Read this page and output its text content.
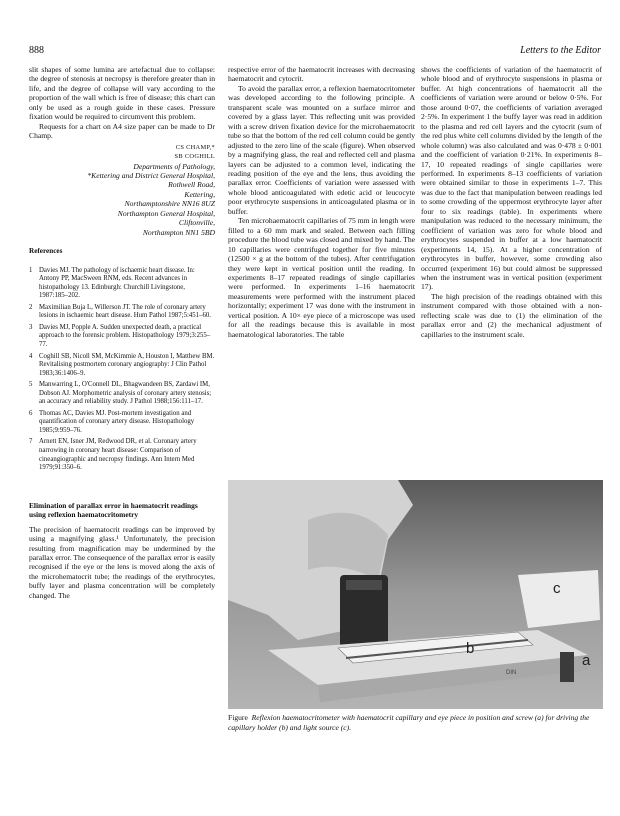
888	Letters to the Editor

slit shapes of some lumina are artefactual due to collapse: the degree of stenosis at necropsy is therefore greater than in life, and the degree of collapse will vary according to the proportion of the wall which is free of disease; this chart can only be used as a rough guide in these cases. Pressure fixation would be required to circumvent this problem.

Requests for a chart on A4 size paper can be made to Dr Champ.

CS CHAMP,*
SB COGHILL
Departments of Pathology,
*Kettering and District General Hospital,
Rothwell Road,
Kettering,
Northamptonshire NN16 8UZ
Northampton General Hospital,
Cliftonville,
Northampton NN1 5BD
References
1 Davies MJ. The pathology of ischaemic heart disease. In: Antony PP, MacSween RNM, eds. Recent advances in histopathology 13. Edinburgh: Churchill Livingstone, 1987:185–202.
2 Maximilian Buja L, Willerson JT. The role of coronary artery lesions in ischaemic heart disease. Hum Pathol 1987;5:451–60.
3 Davies MJ, Popple A. Sudden unexpected death, a practical approach to the forensic problem. Histopathology 1979;3:255–77.
4 Coghill SB, Nicoll SM, McKimmie A, Houston I, Matthew BM. Revitalising postmortem coronary angiography: J Clin Pathol 1983;36:1406–9.
5 Manwarring L, O'Connell DL, Bhagwandeen BS, Zardawi IM, Dobson AJ. Morphometric analysis of coronary artery stenosis; an accuracy and reliability study. J Pathol 1988;156:111–17.
6 Thomas AC, Davies MJ. Post-mortem investigation and quantification of coronary artery disease. Histopathology 1985;9:959–76.
7 Arnett EN, Isner JM, Redwood DR, et al. Coronary artery narrowing in coronary heart disease: Comparison of cineangiographic and necropsy findings. Ann Intern Med 1979;91:350–6.
Elimination of parallax error in haematocrit readings using reflexion haematocritometry

The precision of haematocrit readings can be improved by using a magnifying glass.¹ Unfortunately, the precision resulting from magnification may be undermined by the parallax error. The consequence of the parallax error is easily recognised if the eye or the lens is moved along the axis of the microhematocrit tube; the readings of the erythrocytes, buffy layer and plasma concentration will be completely changed. The

respective error of the haematocrit increases with decreasing haematocrit and cytocrit.

To avoid the parallax error, a reflexion haematocritometer was developed according to the following principle. A transparent scale was mounted on a surface mirror and covered by a glass layer. This reflecting unit was provided with a screw driven fixation device for the microhaematocrit tube so that the bottom of the red cell column could be gently adjusted to the zero line of the scale (figure). When observed by a magnifying glass, the real and reflected cell and plasma layers can be adjusted to a common level, indicating the reading position of the eye and the lens, thus avoiding the parallax error. Coefficients of variation were assessed with whole blood anticoagulated with edetic acid or leucocyte poor erythrocyte suspensions in anticoagulated plasma or in buffer.

Ten microhaematocrit capillaries of 75 mm in length were filled to a 60 mm mark and sealed. Between each filling procedure the blood tube was closed and mixed by hand. The 10 capillaries were centrifuged together for five minutes (12500 × g at the bottom of the tubes). After centrifugation they were kept in vertical position until the reading. In experiments 8–17 repeated readings of single capillaries were performed. In experiments 1–16 haematocrit measurements were performed with the instrument placed horizontally; experiment 17 was done with the instrument in vertical position. A 10× eye piece of a microscope was used for all the readings because this is available in most haematological laboratories. The table

shows the coefficients of variation of the haematocrit of whole blood and of erythrocyte suspensions in plasma or buffer. At high concentrations of haematocrit all the coefficients of variation were around or below 0·5%. For those around 0·07, the coefficients of variation averaged 2·5%. In experiment 1 the buffy layer was read in addition to the plasma and red cell layers and the cytocrit (sum of the red plus white cell columns divided by the length of the whole column) was also calculated and was 0·478 ± 0·001 and the coefficient of variation 0·21%. In experiments 8–17, 10 repeated readings of single capillaries were performed. In experiments 8–13 coefficients of variation were obtained similar to those in experiments 1–7. This was due to the fact that manipulation between readings led to some crowding of the uppermost erythrocyte layer after four to six readings (table). In experiments where manipulation was reduced to the necessary minimum, the coefficient of variation was zero for whole blood and erythrocytes suspended in buffer at a low haematocrit (experiments 14, 15). At a higher concentration of erythrocytes in buffer, however, some crowding also occurred (experiment 16) but could almost be suppressed when the instrument was in vertical position (experiment 17).

The high precision of the readings obtained with this instrument compared with those obtained with a non-reflecting scale was due to (1) the elimination of the parallax error and (2) the mechanical adjustment of capillaries to the instrument scale.

c
b
a
DIN
Figure Reflexion haematocritometer with haematocrit capillary and eye piece in position and screw (a) for driving the capillary holder (b) and light source (c).
